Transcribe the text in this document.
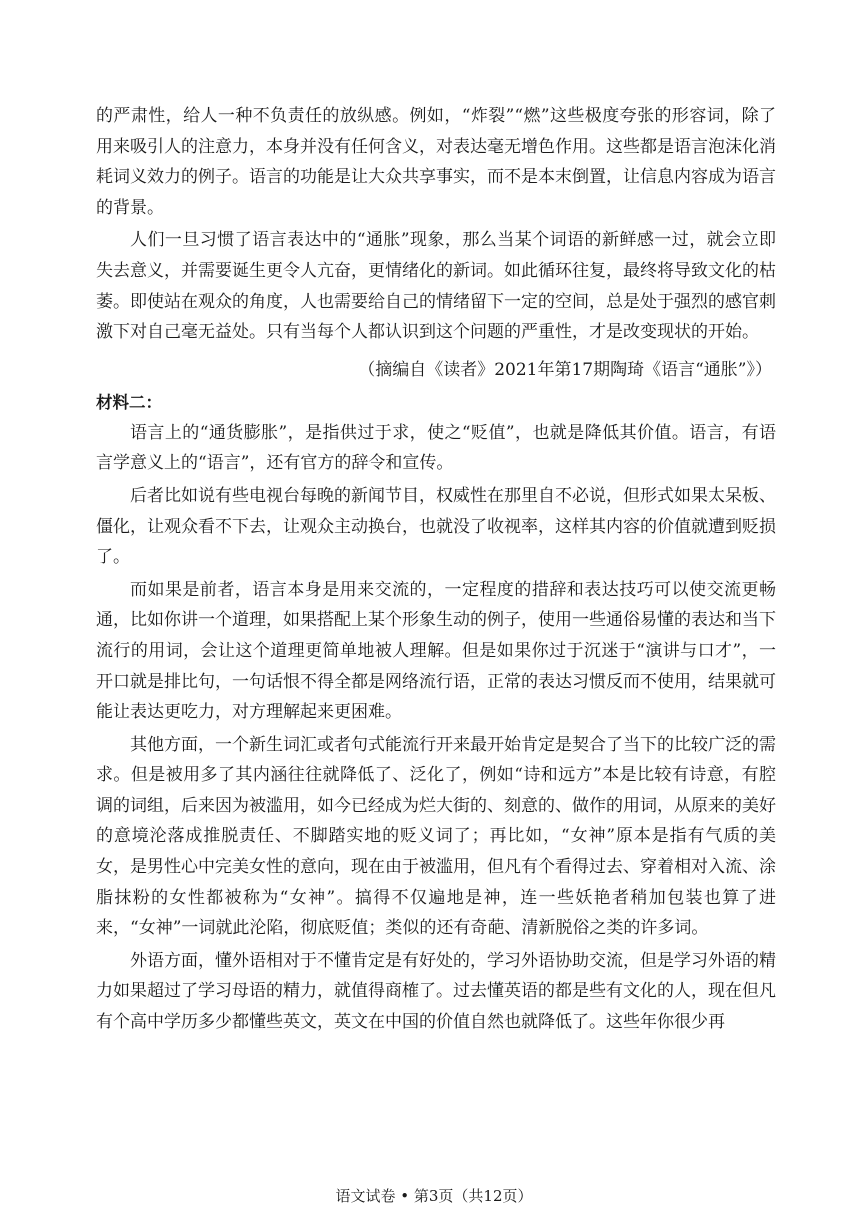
的严肃性，给人一种不负责任的放纵感。例如，“炸裂”“燃”这些极度夸张的形容词，除了用来吸引人的注意力，本身并没有任何含义，对表达毫无增色作用。这些都是语言泡沫化消耗词义效力的例子。语言的功能是让大众共享事实，而不是本末倒置，让信息内容成为语言的背景。

人们一旦习惯了语言表达中的“通胀”现象，那么当某个词语的新鲜感一过，就会立即失去意义，并需要诞生更令人亢奋，更情绪化的新词。如此循环往复，最终将导致文化的枯萎。即使站在观众的角度，人也需要给自己的情绪留下一定的空间，总是处于强烈的感官刺激下对自己毫无益处。只有当每个人都认识到这个问题的严重性，才是改变现状的开始。

（摘编自《读者》2021年第17期陶琦《语言“通胀”》）

材料二：

语言上的“通货膨胀”，是指供过于求，使之“贬值”，也就是降低其价值。语言，有语言学意义上的“语言”，还有官方的辞令和宣传。

后者比如说有些电视台每晚的新闻节目，权威性在那里自不必说，但形式如果太呆板、僵化，让观众看不下去，让观众主动换台，也就没了收视率，这样其内容的价值就遭到贬损了。

而如果是前者，语言本身是用来交流的，一定程度的措辞和表达技巧可以使交流更畅通，比如你讲一个道理，如果搭配上某个形象生动的例子，使用一些通俗易懂的表达和当下流行的用词，会让这个道理更简单地被人理解。但是如果你过于沉迷于“演讲与口才”，一开口就是排比句，一句话恨不得全都是网络流行语，正常的表达习惯反而不使用，结果就可能让表达更吃力，对方理解起来更困难。

其他方面，一个新生词汇或者句式能流行开来最开始肯定是契合了当下的比较广泛的需求。但是被用多了其内涵往往就降低了、泛化了，例如“诗和远方”本是比较有诗意，有腔调的词组，后来因为被滥用，如今已经成为烂大街的、刻意的、做作的用词，从原来的美好的意境沦落成推脱责任、不脚踏实地的贬义词了；再比如，“女神”原本是指有气质的美女，是男性心中完美女性的意向，现在由于被滥用，但凡有个看得过去、穿着相对入流、涂脂抹粉的女性都被称为“女神”。搞得不仅遍地是神，连一些妖艳者稍加包装也算了进来，“女神”一词就此沦陷，彻底贬值；类似的还有奇葩、清新脱俗之类的许多词。

外语方面，懂外语相对于不懂肯定是有好处的，学习外语协助交流，但是学习外语的精力如果超过了学习母语的精力，就值得商榷了。过去懂英语的都是些有文化的人，现在但凡有个高中学历多少都懂些英文，英文在中国的价值自然也就降低了。这些年你很少再

语文试卷 • 第3页（共12页）
